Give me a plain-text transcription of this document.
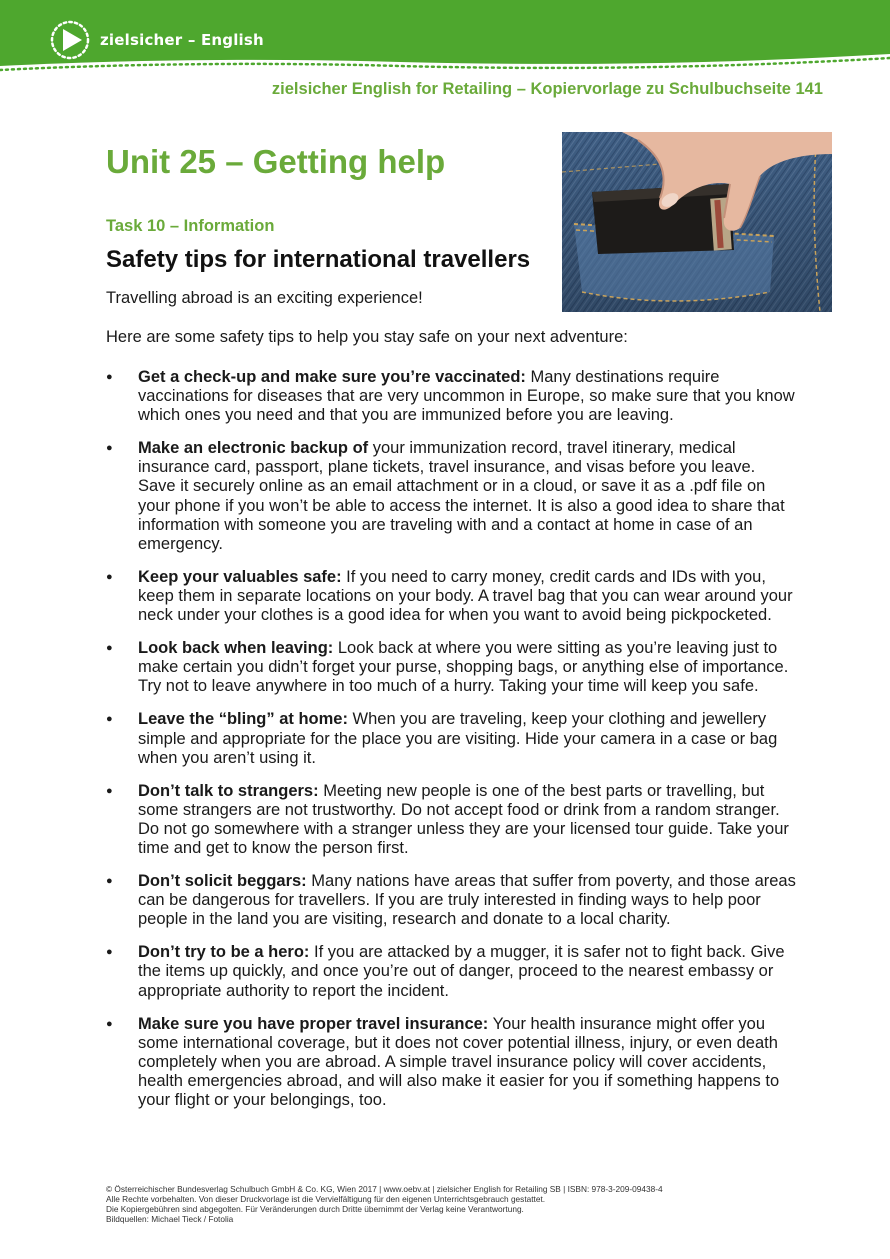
zielsicher – English
zielsicher English for Retailing – Kopiervorlage zu Schulbuchseite 141
Unit 25 – Getting help
Task 10 – Information
Safety tips for international travellers
Travelling abroad is an exciting experience!
Here are some safety tips to help you stay safe on your next adventure:
● Get a check-up and make sure you’re vaccinated: Many destinations require vaccinations for diseases that are very uncommon in Europe, so make sure that you know which ones you need and that you are immunized before you are leaving.
● Make an electronic backup of your immunization record, travel itinerary, medical insurance card, passport, plane tickets, travel insurance, and visas before you leave. Save it securely online as an email attachment or in a cloud, or save it as a .pdf file on your phone if you won’t be able to access the internet. It is also a good idea to share that information with someone you are traveling with and a contact at home in case of an emergency.
● Keep your valuables safe: If you need to carry money, credit cards and IDs with you, keep them in separate locations on your body. A travel bag that you can wear around your neck under your clothes is a good idea for when you want to avoid being pickpocketed.
● Look back when leaving: Look back at where you were sitting as you’re leaving just to make certain you didn’t forget your purse, shopping bags, or anything else of importance. Try not to leave anywhere in too much of a hurry. Taking your time will keep you safe.
● Leave the “bling” at home: When you are traveling, keep your clothing and jewellery simple and appropriate for the place you are visiting. Hide your camera in a case or bag when you aren’t using it.
● Don’t talk to strangers: Meeting new people is one of the best parts or travelling, but some strangers are not trustworthy. Do not accept food or drink from a random stranger. Do not go somewhere with a stranger unless they are your licensed tour guide. Take your time and get to know the person first.
● Don’t solicit beggars: Many nations have areas that suffer from poverty, and those areas can be dangerous for travellers. If you are truly interested in finding ways to help poor people in the land you are visiting, research and donate to a local charity.
● Don’t try to be a hero: If you are attacked by a mugger, it is safer not to fight back. Give the items up quickly, and once you’re out of danger, proceed to the nearest embassy or appropriate authority to report the incident.
● Make sure you have proper travel insurance: Your health insurance might offer you some international coverage, but it does not cover potential illness, injury, or even death completely when you are abroad. A simple travel insurance policy will cover accidents, health emergencies abroad, and will also make it easier for you if something happens to your flight or your belongings, too.
© Österreichischer Bundesverlag Schulbuch GmbH & Co. KG, Wien 2017 | www.oebv.at | zielsicher English for Retailing SB | ISBN: 978-3-209-09438-4
Alle Rechte vorbehalten. Von dieser Druckvorlage ist die Vervielfältigung für den eigenen Unterrichtsgebrauch gestattet.
Die Kopiergebühren sind abgegolten. Für Veränderungen durch Dritte übernimmt der Verlag keine Verantwortung.
Bildquellen: Michael Tieck / Fotolia
